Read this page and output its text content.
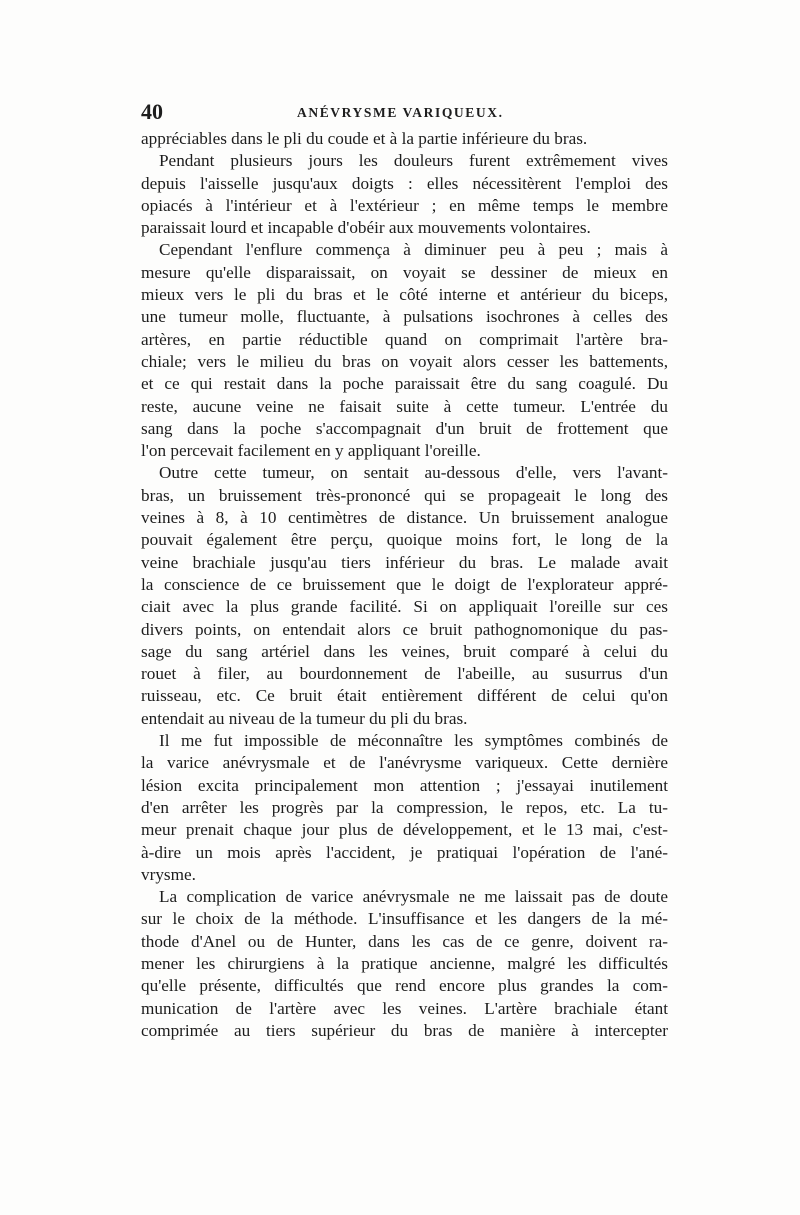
40	ANÉVRYSME VARIQUEUX.
appréciables dans le pli du coude et à la partie inférieure du bras.
Pendant plusieurs jours les douleurs furent extrêmement vives
depuis l'aisselle jusqu'aux doigts : elles nécessitèrent l'emploi des
opiacés à l'intérieur et à l'extérieur ; en même temps le membre
paraissait lourd et incapable d'obéir aux mouvements volontaires.
Cependant l'enflure commença à diminuer peu à peu ; mais à
mesure qu'elle disparaissait, on voyait se dessiner de mieux en
mieux vers le pli du bras et le côté interne et antérieur du biceps,
une tumeur molle, fluctuante, à pulsations isochrones à celles des
artères, en partie réductible quand on comprimait l'artère bra-
chiale; vers le milieu du bras on voyait alors cesser les battements,
et ce qui restait dans la poche paraissait être du sang coagulé. Du
reste, aucune veine ne faisait suite à cette tumeur. L'entrée du
sang dans la poche s'accompagnait d'un bruit de frottement que
l'on percevait facilement en y appliquant l'oreille.
Outre cette tumeur, on sentait au-dessous d'elle, vers l'avant-
bras, un bruissement très-prononcé qui se propageait le long des
veines à 8, à 10 centimètres de distance. Un bruissement analogue
pouvait également être perçu, quoique moins fort, le long de la
veine brachiale jusqu'au tiers inférieur du bras. Le malade avait
la conscience de ce bruissement que le doigt de l'explorateur appré-
ciait avec la plus grande facilité. Si on appliquait l'oreille sur ces
divers points, on entendait alors ce bruit pathognomonique du pas-
sage du sang artériel dans les veines, bruit comparé à celui du
rouet à filer, au bourdonnement de l'abeille, au susurrus d'un
ruisseau, etc. Ce bruit était entièrement différent de celui qu'on
entendait au niveau de la tumeur du pli du bras.
Il me fut impossible de méconnaître les symptômes combinés de
la varice anévrysmale et de l'anévrysme variqueux. Cette dernière
lésion excita principalement mon attention ; j'essayai inutilement
d'en arrêter les progrès par la compression, le repos, etc. La tu-
meur prenait chaque jour plus de développement, et le 13 mai, c'est-
à-dire un mois après l'accident, je pratiquai l'opération de l'ané-
vrysme.
La complication de varice anévrysmale ne me laissait pas de doute
sur le choix de la méthode. L'insuffisance et les dangers de la mé-
thode d'Anel ou de Hunter, dans les cas de ce genre, doivent ra-
mener les chirurgiens à la pratique ancienne, malgré les difficultés
qu'elle présente, difficultés que rend encore plus grandes la com-
munication de l'artère avec les veines. L'artère brachiale étant
comprimée au tiers supérieur du bras de manière à intercepter
